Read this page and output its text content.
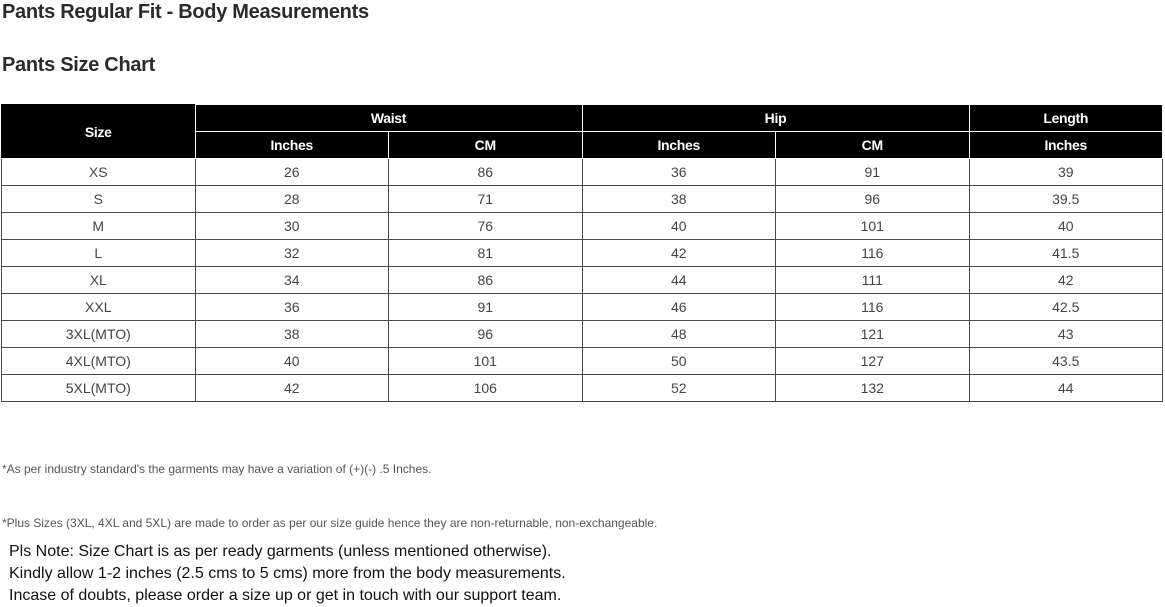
Pants Regular Fit - Body Measurements
Pants Size Chart
Size	Waist		Hip		Length
	Inches	CM	Inches	CM	Inches
XS	26	86	36	91	39
S	28	71	38	96	39.5
M	30	76	40	101	40
L	32	81	42	116	41.5
XL	34	86	44	111	42
XXL	36	91	46	116	42.5
3XL(MTO)	38	96	48	121	43
4XL(MTO)	40	101	50	127	43.5
5XL(MTO)	42	106	52	132	44
*As per industry standard's the garments may have a variation of (+)(-) .5 Inches.
*Plus Sizes (3XL, 4XL and 5XL) are made to order as per our size guide hence they are non-returnable, non-exchangeable.
Pls Note: Size Chart is as per ready garments (unless mentioned otherwise).
Kindly allow 1-2 inches (2.5 cms to 5 cms) more from the body measurements.
Incase of doubts, please order a size up or get in touch with our support team.
